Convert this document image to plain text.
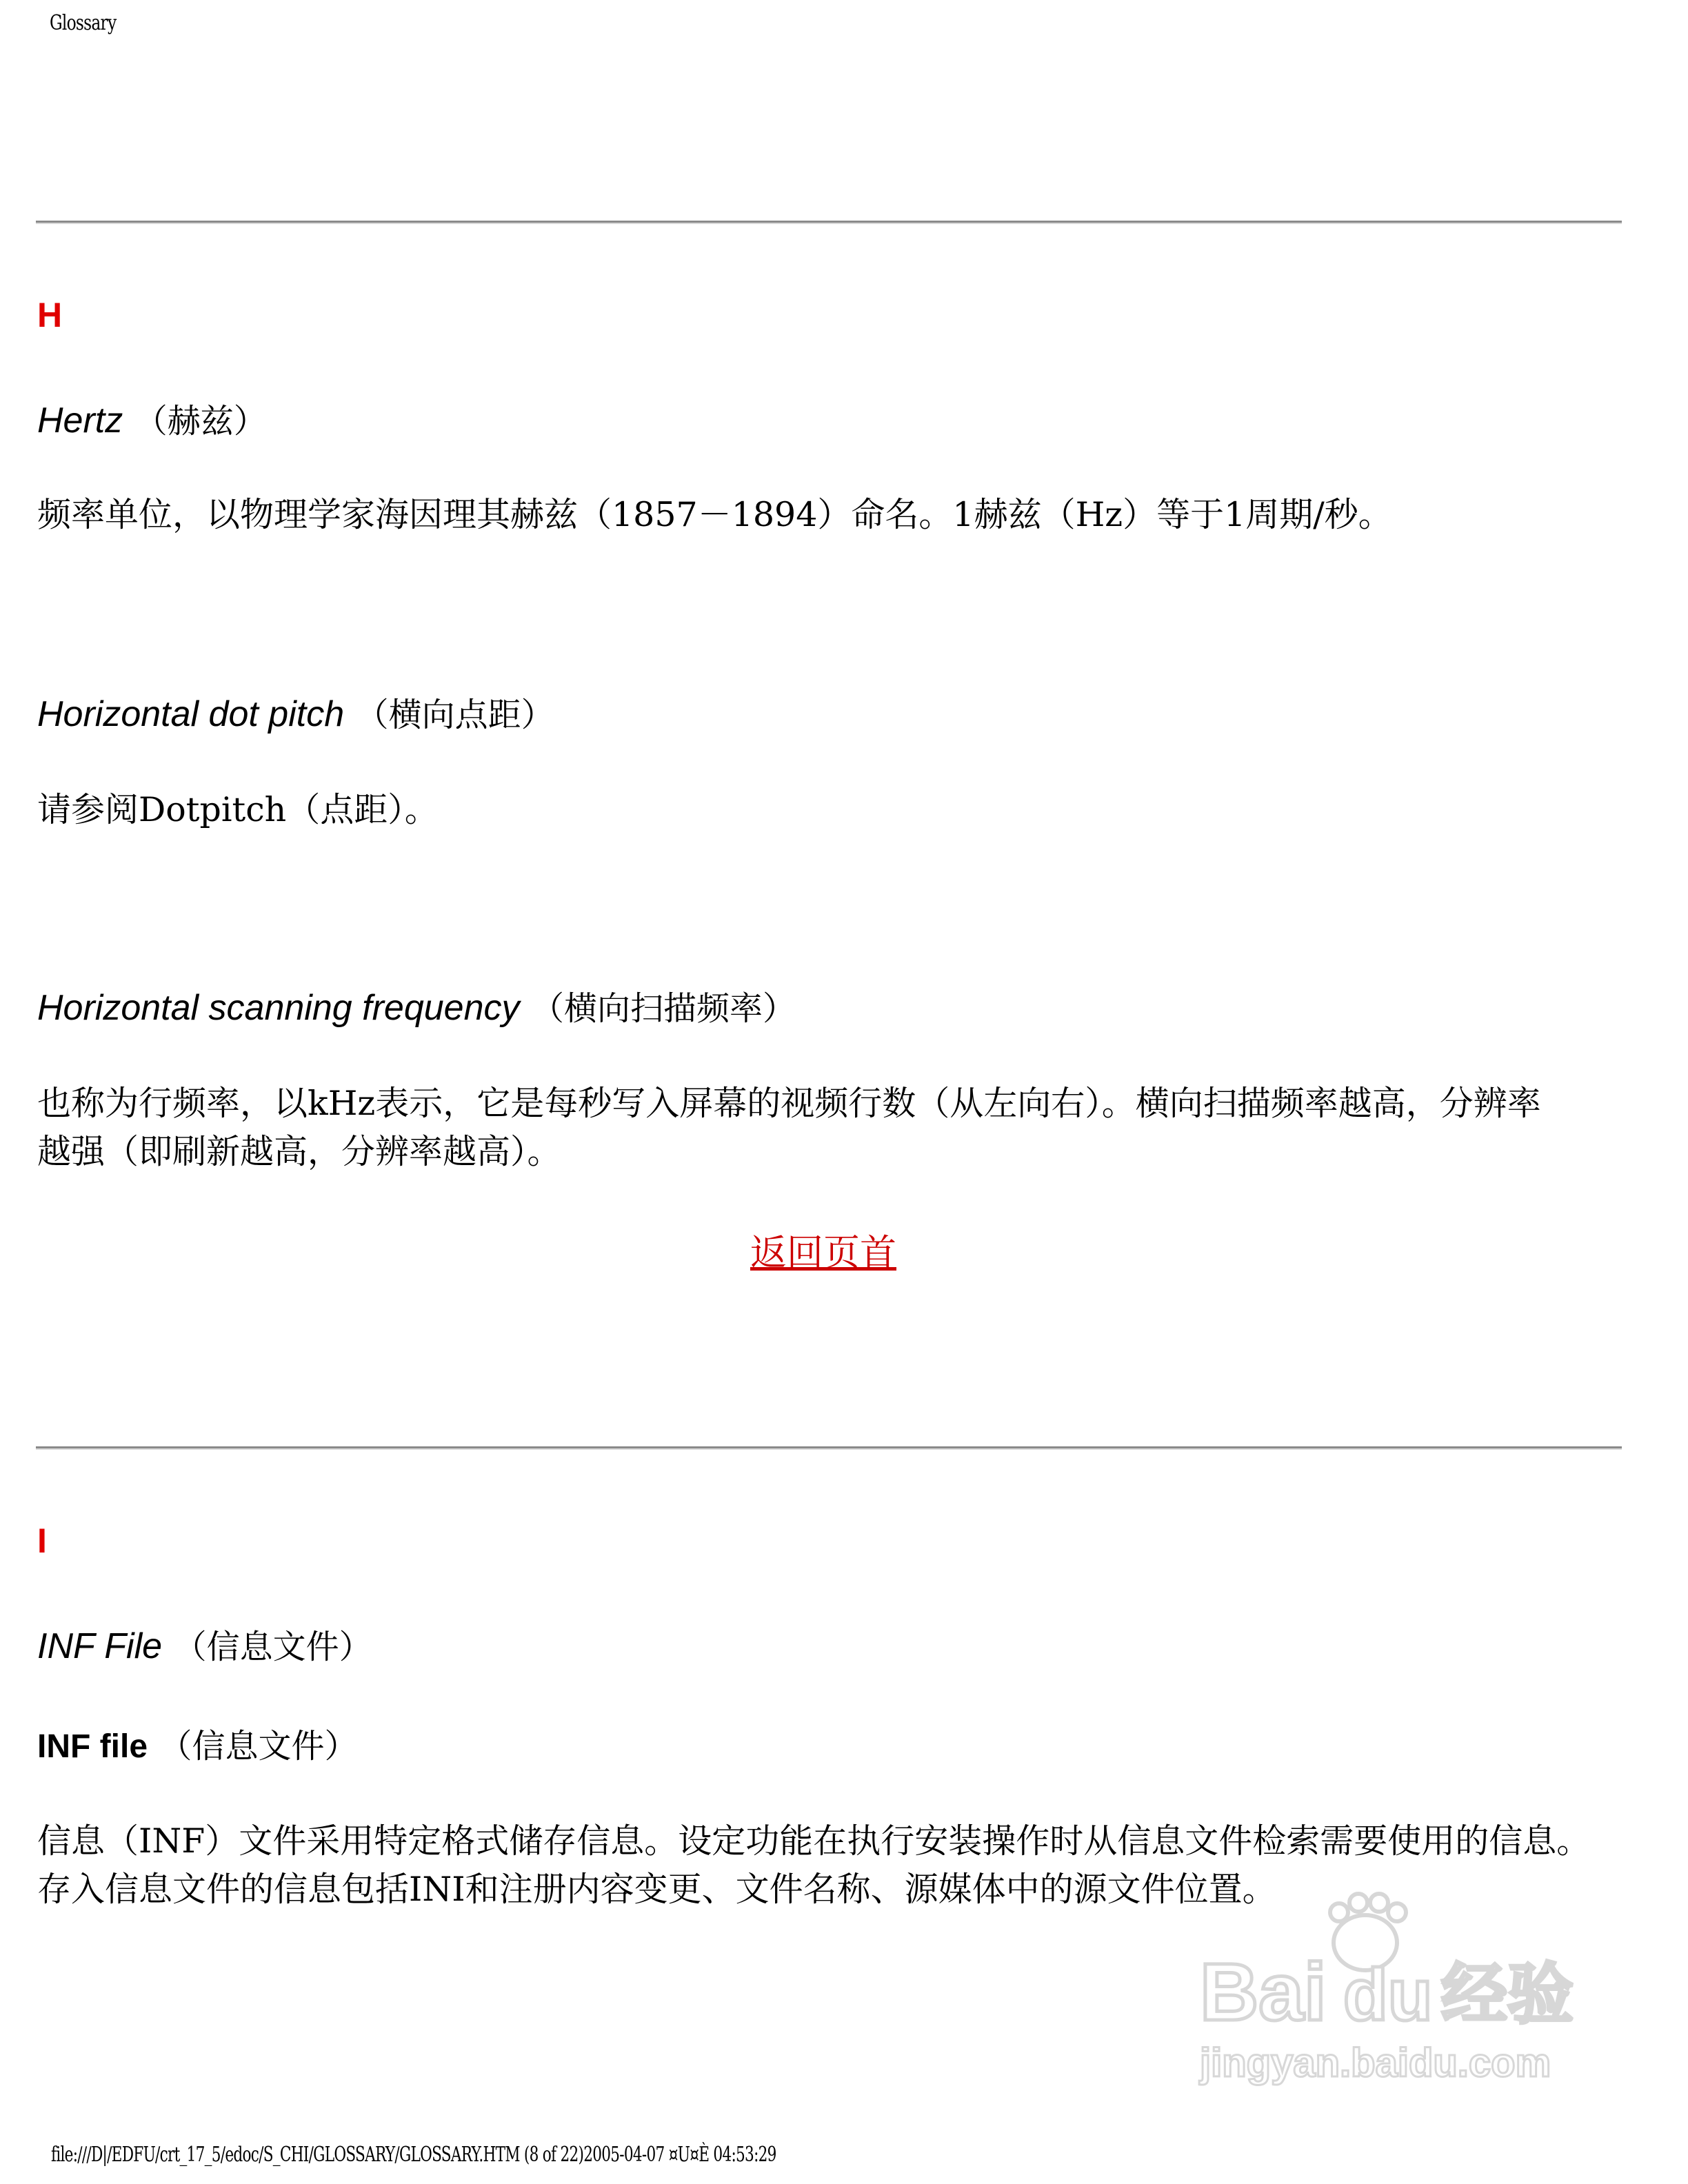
Glossary
H
Hertz （赫兹）
频率单位，以物理学家海因理其赫兹（1857－1894）命名。1赫兹（Hz）等于1周期/秒。
Horizontal dot pitch （横向点距）
请参阅Dotpitch（点距）。
Horizontal scanning frequency （横向扫描频率）
也称为行频率，以kHz表示，它是每秒写入屏幕的视频行数（从左向右）。横向扫描频率越高，分辨率越强（即刷新越高，分辨率越高）。
返回页首
I
INF File （信息文件）
INF file （信息文件）
信息（INF）文件采用特定格式储存信息。设定功能在执行安装操作时从信息文件检索需要使用的信息。存入信息文件的信息包括INI和注册内容变更、文件名称、源媒体中的源文件位置。
Bai du 经验
jingyan.baidu.com
file:///D|/EDFU/crt_17_5/edoc/S_CHI/GLOSSARY/GLOSSARY.HTM (8 of 22)2005-04-07 ¤U¤È 04:53:29
